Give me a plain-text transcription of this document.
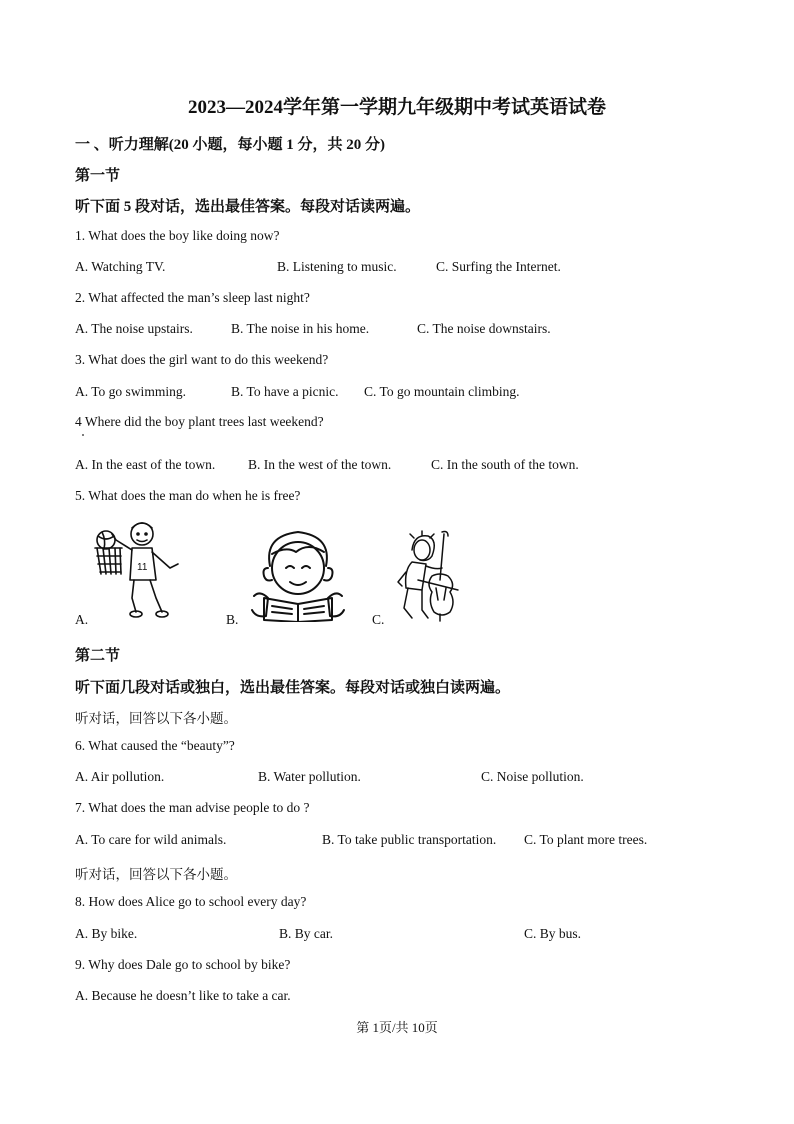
2023—2024学年第一学期九年级期中考试英语试卷
一 、听力理解(20 小题，每小题 1 分，共 20 分)
第一节
听下面 5 段对话，选出最佳答案。每段对话读两遍。
1. What does the boy like doing now?
A. Watching TV.	B. Listening to music.	C. Surfing the Internet.
2. What affected the man’s sleep last night?
A. The noise upstairs.	B. The noise in his home.	C. The noise downstairs.
3. What does the girl want to do this weekend?
A. To go swimming.	B. To have a picnic. C. To go mountain climbing.
4 Where did the boy plant trees last weekend?
A. In the east of the town. B. In the west of the town.	C. In the south of the town.
5. What does the man do when he is free?
11
A.	B.	C.
第二节
听下面几段对话或独白，选出最佳答案。每段对话或独白读两遍。
听对话，回答以下各小题。
6. What caused the “beauty”?
A. Air pollution.	B. Water pollution.	C. Noise pollution.
7. What does the man advise people to do ?
A. To care for wild animals.	B. To take public transportation. C. To plant more trees.
听对话，回答以下各小题。
8. How does Alice go to school every day?
A. By bike.	B. By car.	C. By bus.
9. Why does Dale go to school by bike?
A. Because he doesn’t like to take a car.
第 1页/共 10页
